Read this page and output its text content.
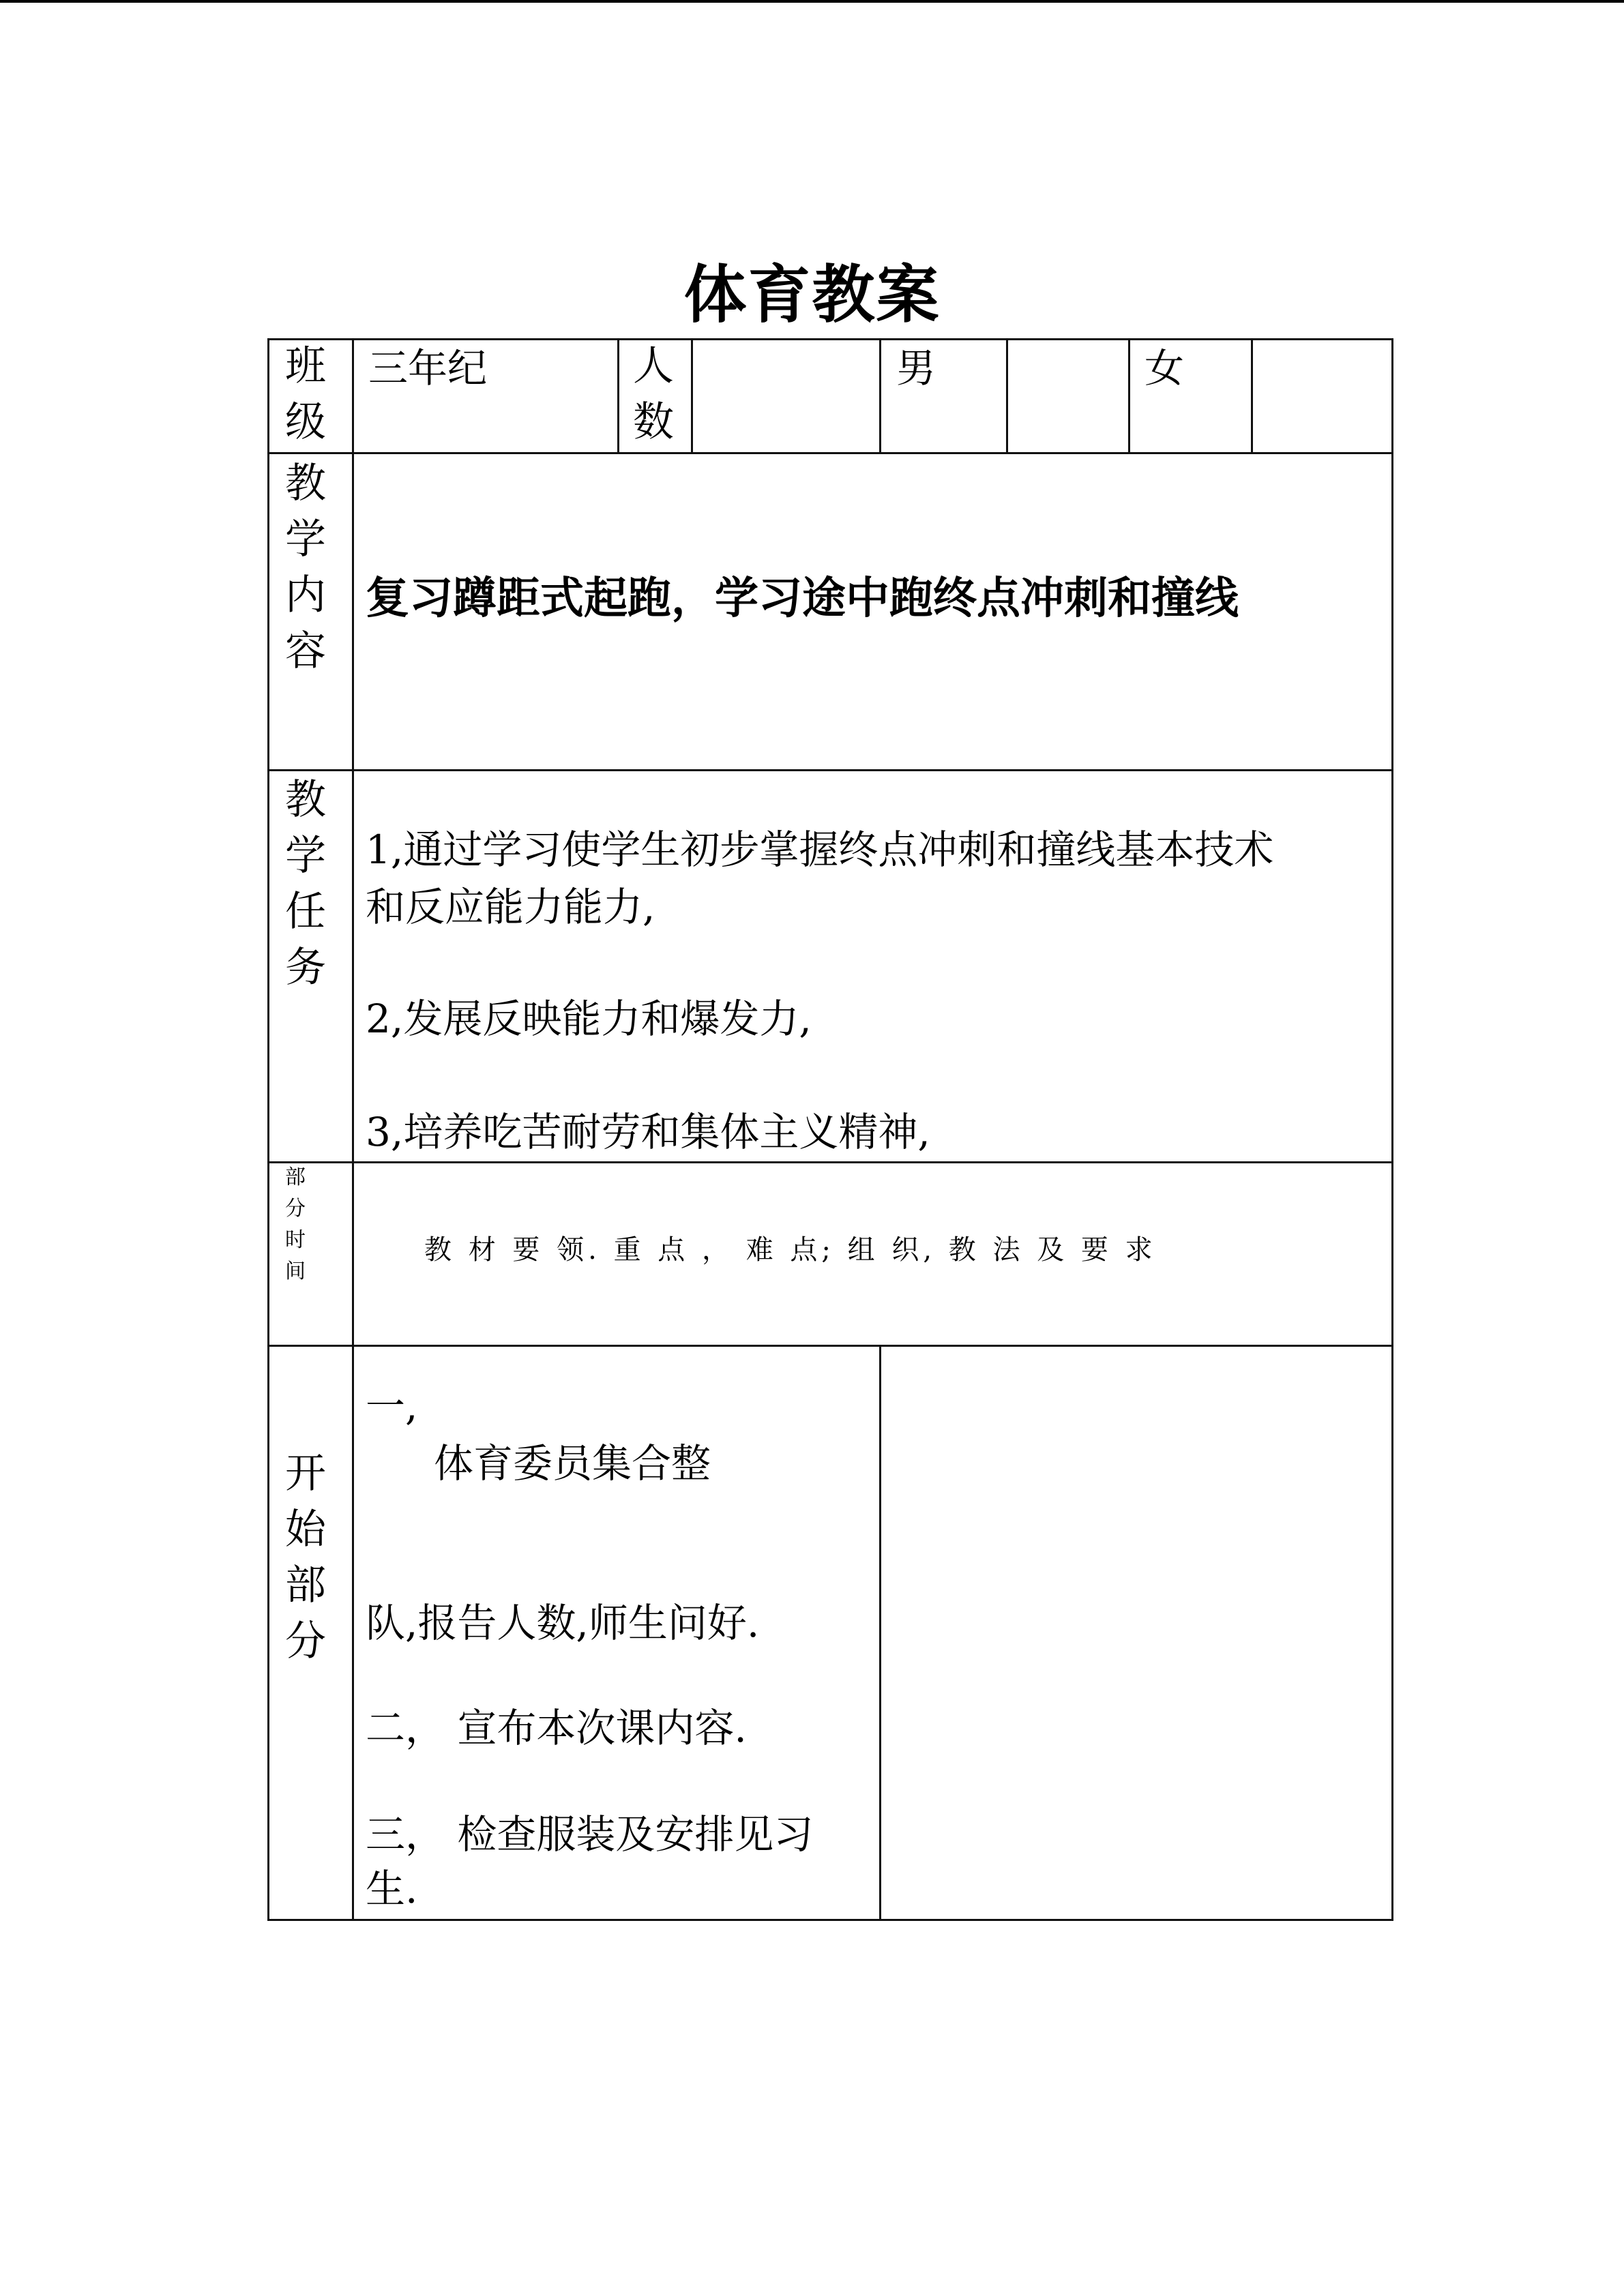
体育教案
班
级
三年纪	人
数
男	女
教
学
内
容
复习蹲距式起跑，学习途中跑终点冲刺和撞线
教
学
任
务
1,通过学习使学生初步掌握终点冲刺和撞线基本技术
和反应能力能力,
2,发展反映能力和爆发力,
3,培养吃苦耐劳和集体主义精神,
部
分
时
间
教 材 要 领. 重 点 ， 难 点; 组 织, 教 法 及 要 求
开
始
部
分
一,
体育委员集合整
队,报告人数,师生问好.
二， 宣布本次课内容.
三， 检查服装及安排见习
生.
